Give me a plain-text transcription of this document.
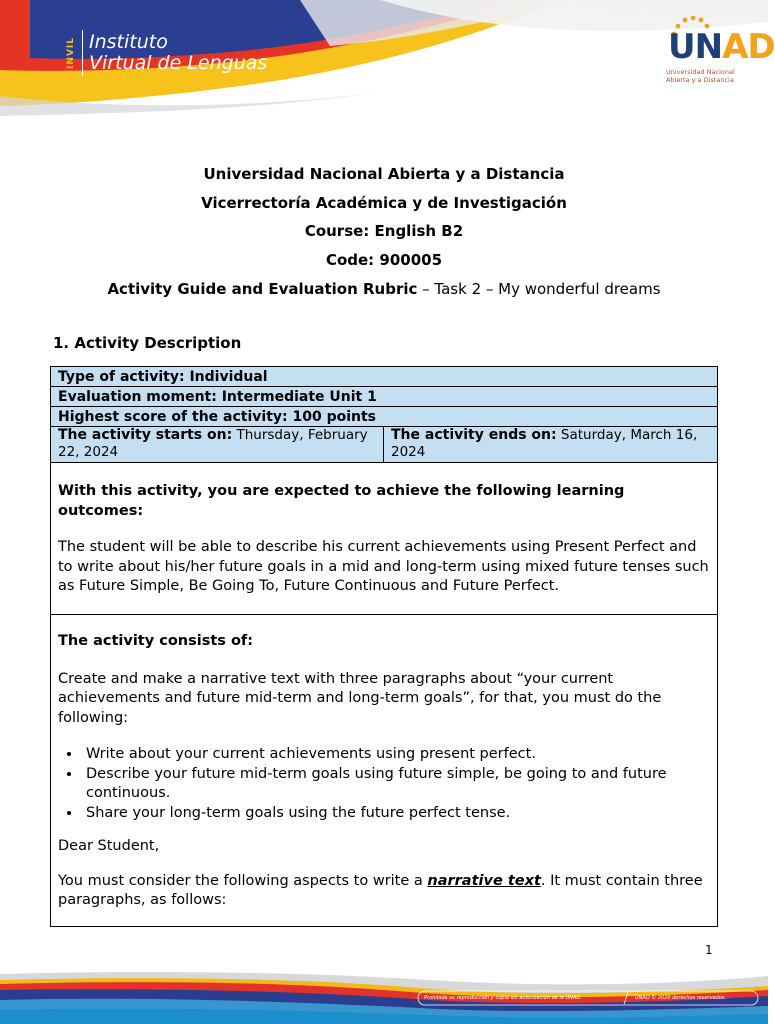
INVIL Instituto
Virtual de Lenguas	UNAD
Universidad Nacional
Abierta y a Distancia
Universidad Nacional Abierta y a Distancia
Vicerrectoría Académica y de Investigación
Course: English B2
Code: 900005
Activity Guide and Evaluation Rubric – Task 2 – My wonderful dreams
1. Activity Description
Type of activity: Individual
Evaluation moment: Intermediate Unit 1
Highest score of the activity: 100 points
The activity starts on: Thursday, February 22, 2024
The activity ends on: Saturday, March 16, 2024

With this activity, you are expected to achieve the following learning outcomes:

The student will be able to describe his current achievements using Present Perfect and to write about his/her future goals in a mid and long-term using mixed future tenses such as Future Simple, Be Going To, Future Continuous and Future Perfect.

The activity consists of:

Create and make a narrative text with three paragraphs about “your current achievements and future mid-term and long-term goals”, for that, you must do the following:

• Write about your current achievements using present perfect.
• Describe your future mid-term goals using future simple, be going to and future continuous.
• Share your long-term goals using the future perfect tense.

Dear Student,

You must consider the following aspects to write a narrative text. It must contain three paragraphs, as follows:

1
Prohibida su reproducción y copia sin autorización de la UNAD.	UNAD © 2020 derechos reservados.
